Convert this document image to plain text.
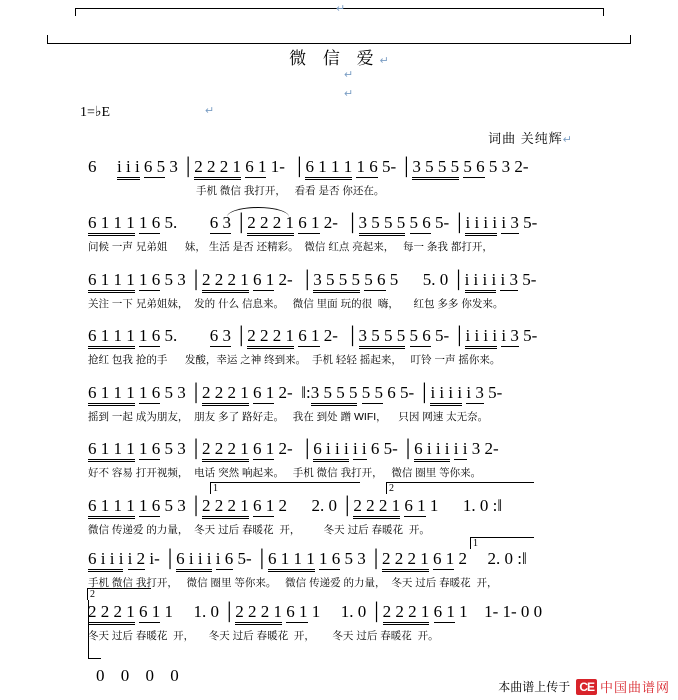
↵
微 信 爱↵
↵
↵
1=♭E	↵
词曲 关纯辉↵
6 i i i 6 5 3 │2 2 2 1 6 1 1-  │6 1 1 1 1 6 5- │3 5 5 5 5 6 5 3 2-
手机 微信 我打开，   看看 是否 你还在。
6 1 1 1 1 6 5. 6 3 │2 2 2 1 6 1 2-  │3 5 5 5 5 6 5- │i i i i i 3 5-
问候 一声 兄弟姐      妹， 生活 是否 还精彩。  微信 红点 亮起来，   每一 条我 都打开，
6 1 1 1 1 6 5 3 │2 2 2 1 6 1 2-  │3 5 5 5 5 6 5 5. 0 │i i i i i 3 5-
关注 一下 兄弟姐妹，  发的 什么 信息来。   微信 里面 玩的很  嗨，     红包 多多 你发来。
6 1 1 1 1 6 5. 6 3 │2 2 2 1 6 1 2-  │3 5 5 5 5 6 5- │i i i i i 3 5-
抢红 包我 抢的手      发酸，幸运 之神 终到来。  手机 轻轻 摇起来，   叮铃 一声 摇你来。
6 1 1 1 1 6 5 3 │2 2 2 1 6 1 2-  ‖:3 5 5 5 5 5 6 5- │i i i i i 3 5-
摇到 一起 成为朋友，  朋友 多了 路好走。   我在 到处 蹭 WIFI，    只因 网速 太无奈。
6 1 1 1 1 6 5 3 │2 2 2 1 6 1 2-  │6 i i i i i 6 5- │6 i i i i i 3 2-
好不 容易 打开视频，  电话 突然 响起来。   手机 微信 我打开，   微信 圈里 等你来。
1	2
6 1 1 1 1 6 5 3 │2 2 2 1 6 1 2 2. 0 │2 2 2 1 6 1 1 1. 0 :‖
微信 传递爱 的力量，  冬天 过后 春暖花  开，        冬天 过后 春暖花  开。
1
6 i i i i 2 i- │6 i i i i 6 5- │6 1 1 1 1 6 5 3 │2 2 2 1 6 1 2 2. 0 :‖
手机 微信 我打开，   微信 圈里 等你来。   微信 传递爱 的力量，  冬天 过后 春暖花  开，
2
2 2 2 1 6 1 1 1. 0 │2 2 2 1 6 1 1 1. 0 │2 2 2 1 6 1 1 1- 1- 0 0
冬天 过后 春暖花  开，     冬天 过后 春暖花  开，      冬天 过后 春暖花  开。
0 0 0 0
本曲谱上传于 CE 中国曲谱网
